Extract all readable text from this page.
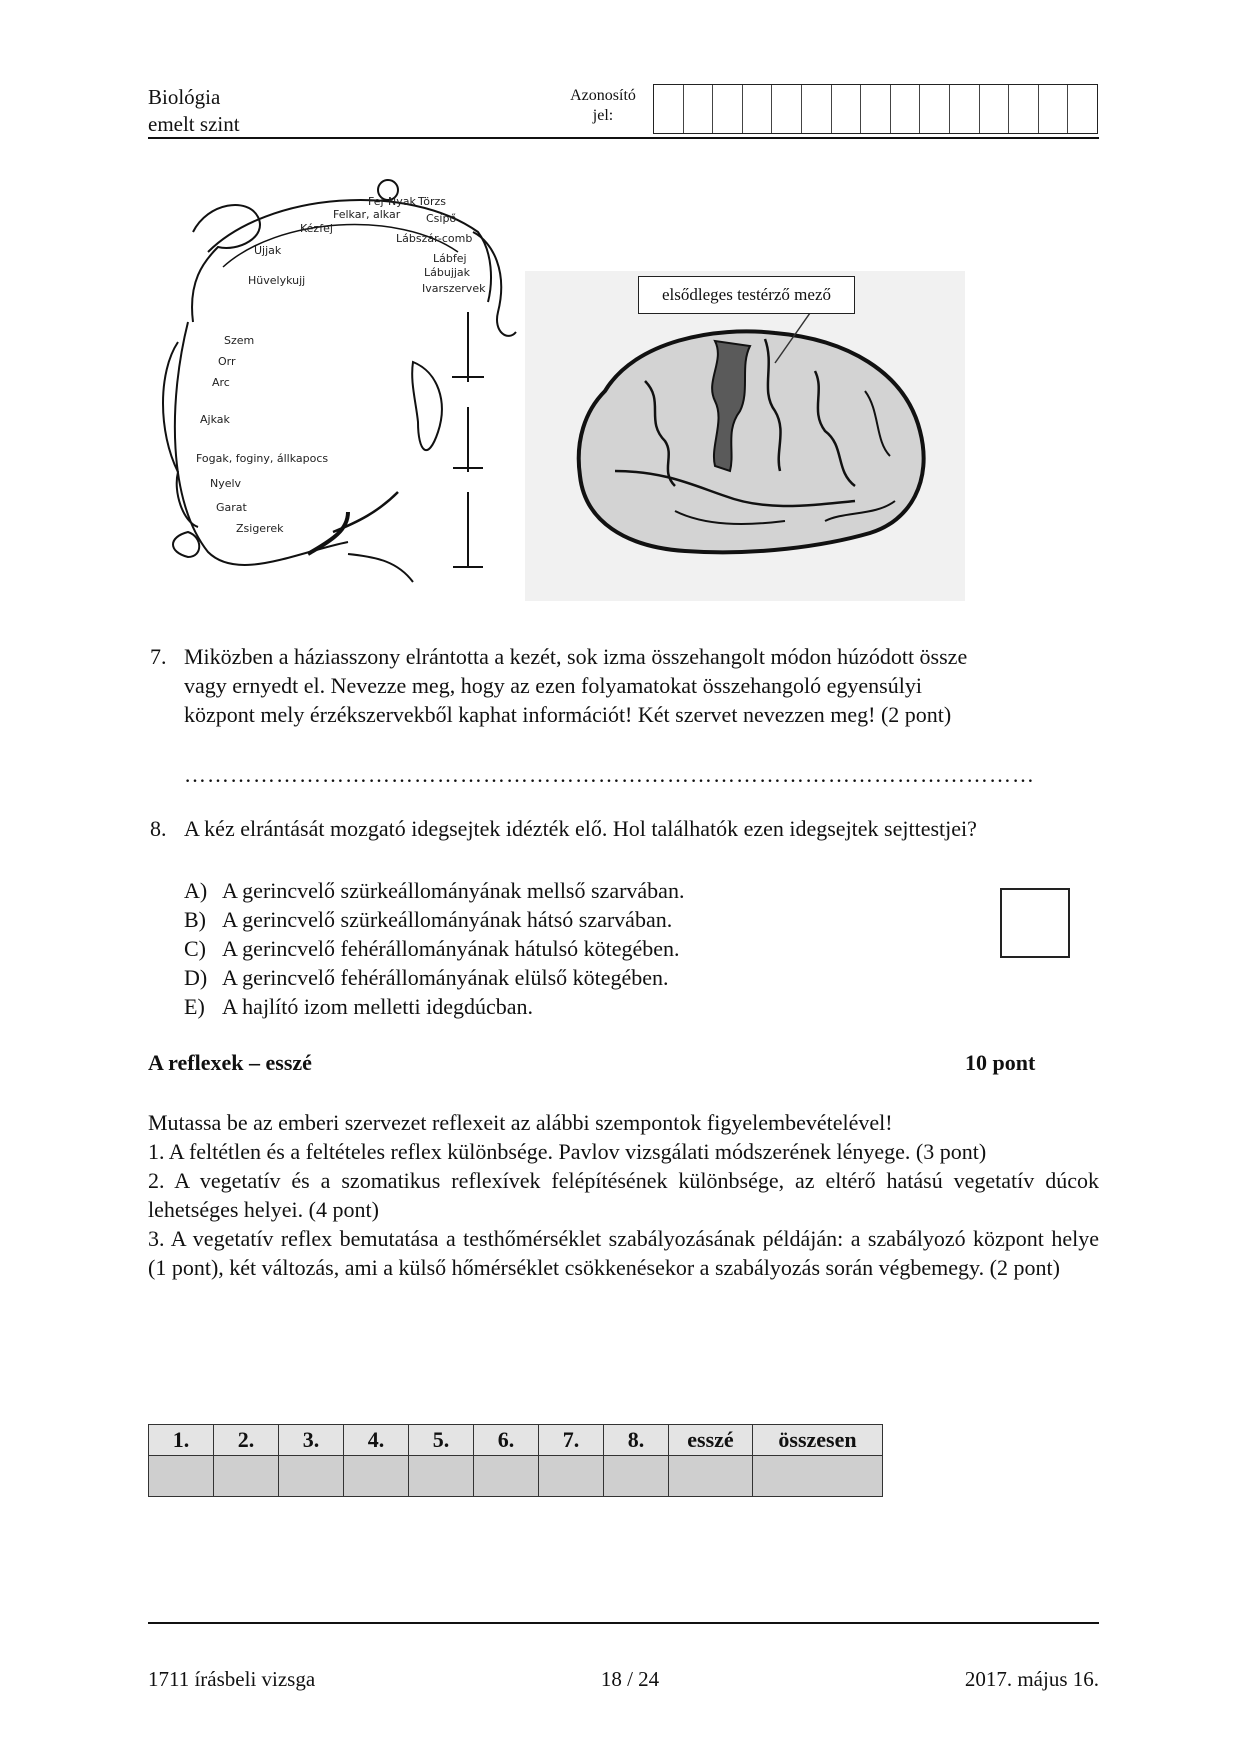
Biológia
emelt szint
Azonosító
jel:
Fej Nyak Törzs
Felkar, alkar Csípő
Kézfej
Lábszár-comb
Ujjak
Lábfej
Lábujjak
Hüvelykujj
Ivarszervek
Szem
Orr
Arc
Ajkak
Fogak, foginy, állkapocs
Nyelv
Garat
Zsigerek
elsődleges testérző mező
7. Miközben a háziasszony elrántotta a kezét, sok izma összehangolt módon húzódott össze
vagy ernyedt el. Nevezze meg, hogy az ezen folyamatokat összehangoló egyensúlyi
központ mely érzékszervekből kaphat információt! Két szervet nevezzen meg! (2 pont)
…………………………………………………………………………………………………
8. A kéz elrántását mozgató idegsejtek idézték elő. Hol találhatók ezen idegsejtek sejttestjei?
A) A gerincvelő szürkeállományának mellső szarvában.
B) A gerincvelő szürkeállományának hátsó szarvában.
C) A gerincvelő fehérállományának hátulsó kötegében.
D) A gerincvelő fehérállományának elülső kötegében.
E) A hajlító izom melletti idegdúcban.
A reflexek – esszé	10 pont

Mutassa be az emberi szervezet reflexeit az alábbi szempontok figyelembevételével!

1. A feltétlen és a feltételes reflex különbsége. Pavlov vizsgálati módszerének lényege. (3 pont)

2. A vegetatív és a szomatikus reflexívek felépítésének különbsége, az eltérő hatású vegetatív dúcok lehetséges helyei. (4 pont)

3. A vegetatív reflex bemutatása a testhőmérséklet szabályozásának példáján: a szabályozó központ helye (1 pont), két változás, ami a külső hőmérséklet csökkenésekor a szabályozás során végbemegy. (2 pont)

1.	2.	3.	4.	5.	6.	7.	8.	esszé	összesen

1711 írásbeli vizsga	18 / 24	2017. május 16.
